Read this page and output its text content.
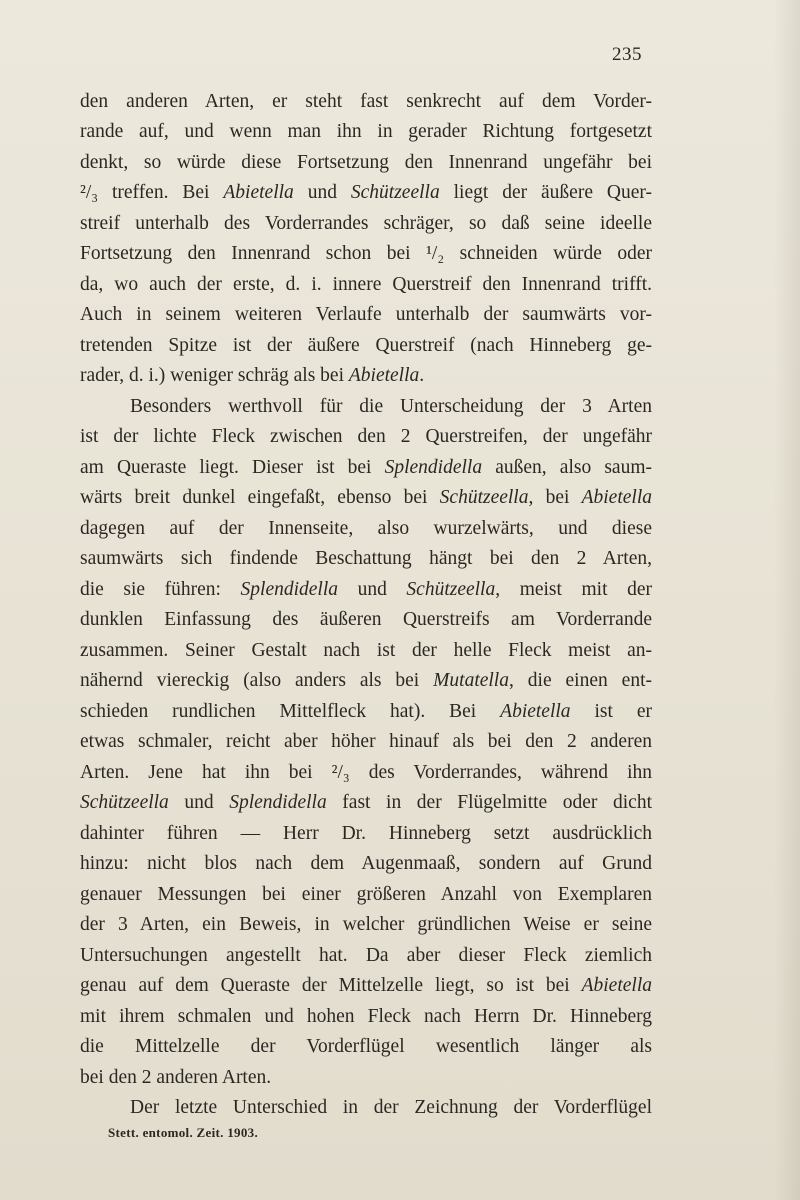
235
den anderen Arten, er steht fast senkrecht auf dem Vorder-
rande auf, und wenn man ihn in gerader Richtung fortgesetzt
denkt, so würde diese Fortsetzung den Innenrand ungefähr bei
²/₃ treffen. Bei Abietella und Schützeella liegt der äußere Quer-
streif unterhalb des Vorderrandes schräger, so daß seine ideelle
Fortsetzung den Innenrand schon bei ¹/₂ schneiden würde oder
da, wo auch der erste, d. i. innere Querstreif den Innenrand trifft.
Auch in seinem weiteren Verlaufe unterhalb der saumwärts vor-
tretenden Spitze ist der äußere Querstreif (nach Hinneberg ge-
rader, d. i.) weniger schräg als bei Abietella.
Besonders werthvoll für die Unterscheidung der 3 Arten
ist der lichte Fleck zwischen den 2 Querstreifen, der ungefähr
am Queraste liegt. Dieser ist bei Splendidella außen, also saum-
wärts breit dunkel eingefaßt, ebenso bei Schützeella, bei Abietella
dagegen auf der Innenseite, also wurzelwärts, und diese
saumwärts sich findende Beschattung hängt bei den 2 Arten,
die sie führen: Splendidella und Schützeella, meist mit der
dunklen Einfassung des äußeren Querstreifs am Vorderrande
zusammen. Seiner Gestalt nach ist der helle Fleck meist an-
nähernd viereckig (also anders als bei Mutatella, die einen ent-
schieden rundlichen Mittelfleck hat). Bei Abietella ist er
etwas schmaler, reicht aber höher hinauf als bei den 2 anderen
Arten. Jene hat ihn bei ²/₃ des Vorderrandes, während ihn
Schützeella und Splendidella fast in der Flügelmitte oder dicht
dahinter führen — Herr Dr. Hinneberg setzt ausdrücklich
hinzu: nicht blos nach dem Augenmaaß, sondern auf Grund
genauer Messungen bei einer größeren Anzahl von Exemplaren
der 3 Arten, ein Beweis, in welcher gründlichen Weise er seine
Untersuchungen angestellt hat. Da aber dieser Fleck ziemlich
genau auf dem Queraste der Mittelzelle liegt, so ist bei Abietella
mit ihrem schmalen und hohen Fleck nach Herrn Dr. Hinneberg
die Mittelzelle der Vorderflügel wesentlich länger als
bei den 2 anderen Arten.
Der letzte Unterschied in der Zeichnung der Vorderflügel
Stett. entomol. Zeit. 1903.
